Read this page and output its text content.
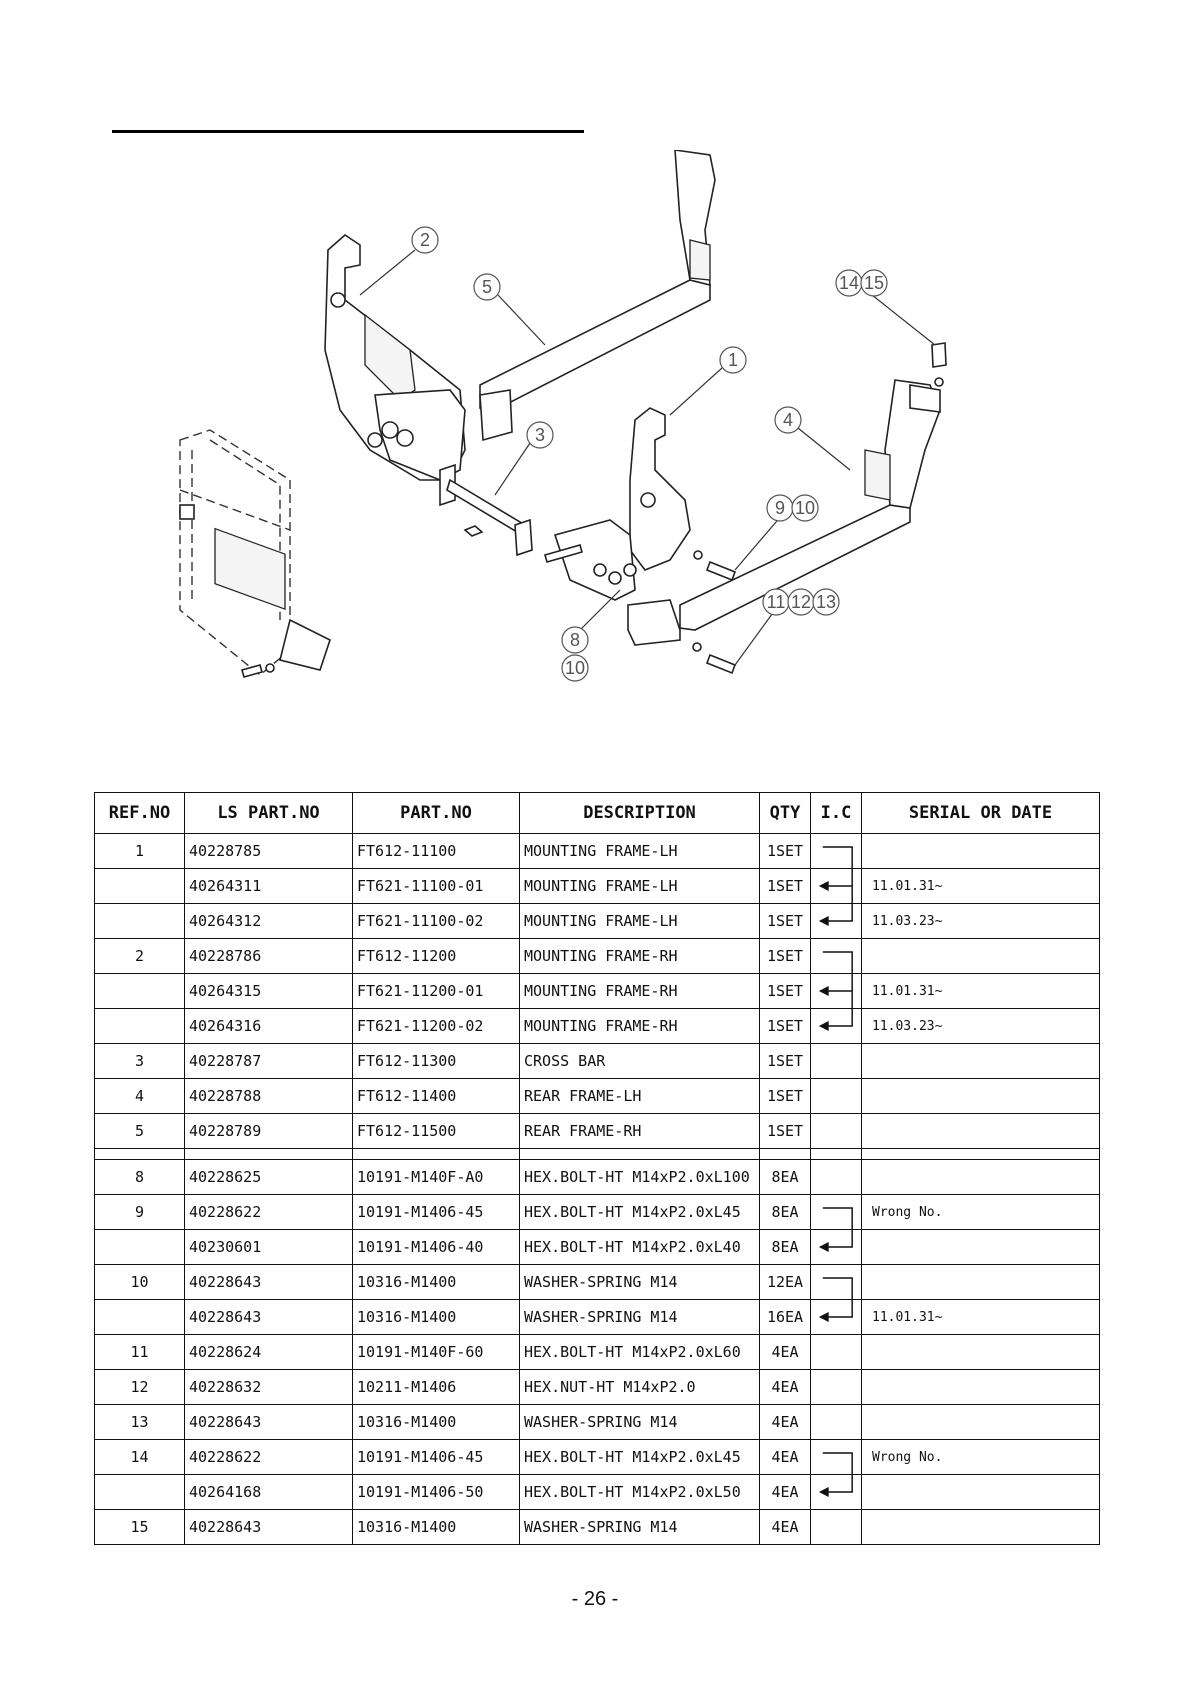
2
5	14 15
1
4
3
9 10
11 12 13
8
10
REF.NO	LS PART.NO	PART.NO	DESCRIPTION	QTY	I.C	SERIAL OR DATE
1	40228785	FT612-11100	MOUNTING FRAME-LH	1SET	

	40264311	FT621-11100-01	MOUNTING FRAME-LH	1SET		11.01.31~
	40264312	FT621-11100-02	MOUNTING FRAME-LH	1SET		11.03.23~
2	40228786	FT612-11200	MOUNTING FRAME-RH	1SET	

	40264315	FT621-11200-01	MOUNTING FRAME-RH	1SET		11.01.31~
	40264316	FT621-11200-02	MOUNTING FRAME-RH	1SET		11.03.23~
3	40228787	FT612-11300	CROSS BAR	1SET		
4	40228788	FT612-11400	REAR FRAME-LH	1SET		
5	40228789	FT612-11500	REAR FRAME-RH	1SET		

8	40228625	10191-M140F-A0	HEX.BOLT-HT M14xP2.0xL100	8EA		
9	40228622	10191-M1406-45	HEX.BOLT-HT M14xP2.0xL45	8EA		Wrong No.
	40230601	10191-M1406-40	HEX.BOLT-HT M14xP2.0xL40	8EA	

10	40228643	10316-M1400	WASHER-SPRING M14	12EA	

	40228643	10316-M1400	WASHER-SPRING M14	16EA		11.01.31~
11	40228624	10191-M140F-60	HEX.BOLT-HT M14xP2.0xL60	4EA		
12	40228632	10211-M1406	HEX.NUT-HT M14xP2.0	4EA		
13	40228643	10316-M1400	WASHER-SPRING M14	4EA		
14	40228622	10191-M1406-45	HEX.BOLT-HT M14xP2.0xL45	4EA		Wrong No.
	40264168	10191-M1406-50	HEX.BOLT-HT M14xP2.0xL50	4EA	

15	40228643	10316-M1400	WASHER-SPRING M14	4EA		
- 26 -
